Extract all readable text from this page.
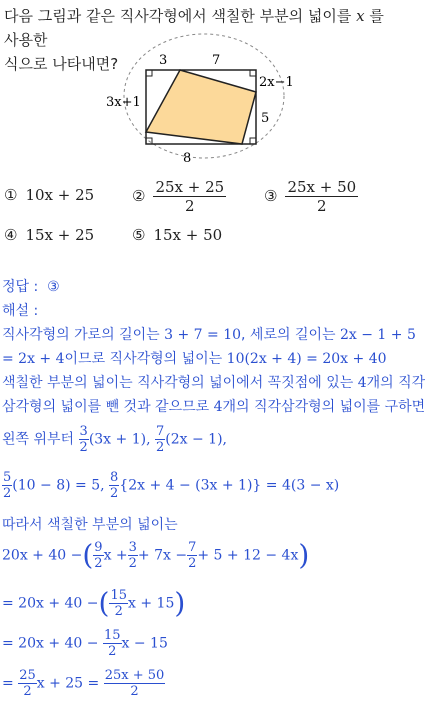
다음 그림과 같은 직사각형에서 색칠한 부분의 넓이를 x 를 사용한
식으로 나타내면?	3	7
3x+1
2x−1
5
8
① 10x + 25	② $\frac{25x + 25}{2}$	③ $\frac{25x + 50}{2}$
④ 15x + 25	⑤ 15x + 50
정답 : ③
해설 :
직사각형의 가로의 길이는 3 + 7 = 10, 세로의 길이는 2x − 1 + 5
= 2x + 4이므로 직사각형의 넓이는 10(2x + 4) = 20x + 40
색칠한 부분의 넓이는 직사각형의 넓이에서 꼭짓점에 있는 4개의 직각
삼각형의 넓이를 뺀 것과 같으므로 4개의 직각삼각형의 넓이를 구하면
왼쪽 위부터 $\frac{3}{2} (3x + 1)$, $\frac{7}{2} (2x - 1)$,
$\frac{5}{2} (10 - 8) = 5$, $\frac{8}{2} \{2x + 4 - (3x + 1)\} = 4(3 - x)$
따라서 색칠한 부분의 넓이는
20x + 40 −( $\frac{9}{2}$ $x + \frac{3}{2} + 7x - \frac{7}{2} + 5 + 12 - 4x$)
= 20x + 40 −( $\frac{15}{2}$ x + 15)
= $20x + 40 - \frac{15}{2}$ x − 15
= $\frac{25}{2}$ $x + 25 = \frac{25x + 50}{2}$
